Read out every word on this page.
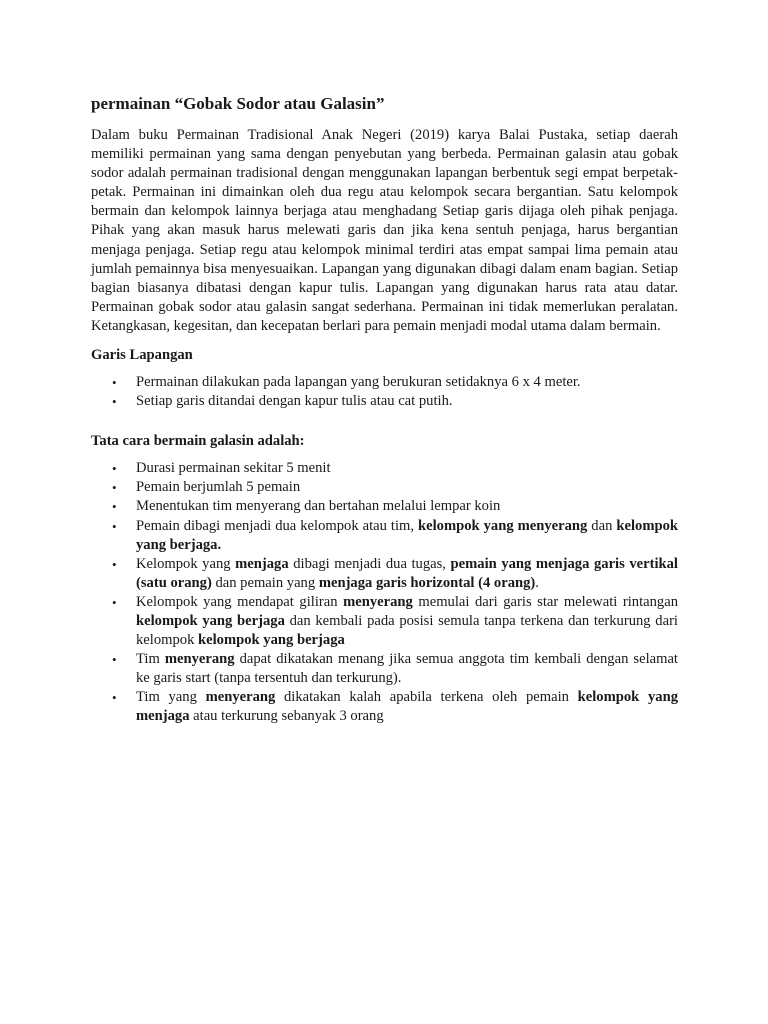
permainan “Gobak Sodor atau Galasin”

Dalam buku Permainan Tradisional Anak Negeri (2019) karya Balai Pustaka, setiap daerah memiliki permainan yang sama dengan penyebutan yang berbeda. Permainan galasin atau gobak sodor adalah permainan tradisional dengan menggunakan lapangan berbentuk segi empat berpetak-petak. Permainan ini dimainkan oleh dua regu atau kelompok secara bergantian. Satu kelompok bermain dan kelompok lainnya berjaga atau menghadang Setiap garis dijaga oleh pihak penjaga. Pihak yang akan masuk harus melewati garis dan jika kena sentuh penjaga, harus bergantian menjaga penjaga. Setiap regu atau kelompok minimal terdiri atas empat sampai lima pemain atau jumlah pemainnya bisa menyesuaikan. Lapangan yang digunakan dibagi dalam enam bagian. Setiap bagian biasanya dibatasi dengan kapur tulis. Lapangan yang digunakan harus rata atau datar. Permainan gobak sodor atau galasin sangat sederhana. Permainan ini tidak memerlukan peralatan. Ketangkasan, kegesitan, dan kecepatan berlari para pemain menjadi modal utama dalam bermain.

Garis Lapangan
• Permainan dilakukan pada lapangan yang berukuran setidaknya 6 x 4 meter.
• Setiap garis ditandai dengan kapur tulis atau cat putih.
Tata cara bermain galasin adalah:
• Durasi permainan sekitar 5 menit
• Pemain berjumlah 5 pemain
• Menentukan tim menyerang dan bertahan melalui lempar koin
• Pemain dibagi menjadi dua kelompok atau tim, kelompok yang menyerang dan kelompok yang berjaga.
• Kelompok yang menjaga dibagi menjadi dua tugas, pemain yang menjaga garis vertikal (satu orang) dan pemain yang menjaga garis horizontal (4 orang).
• Kelompok yang mendapat giliran menyerang memulai dari garis star melewati rintangan kelompok yang berjaga dan kembali pada posisi semula tanpa terkena dan terkurung dari kelompok kelompok yang berjaga
• Tim menyerang dapat dikatakan menang jika semua anggota tim kembali dengan selamat ke garis start (tanpa tersentuh dan terkurung).
• Tim yang menyerang dikatakan kalah apabila terkena oleh pemain kelompok yang menjaga atau terkurung sebanyak 3 orang
